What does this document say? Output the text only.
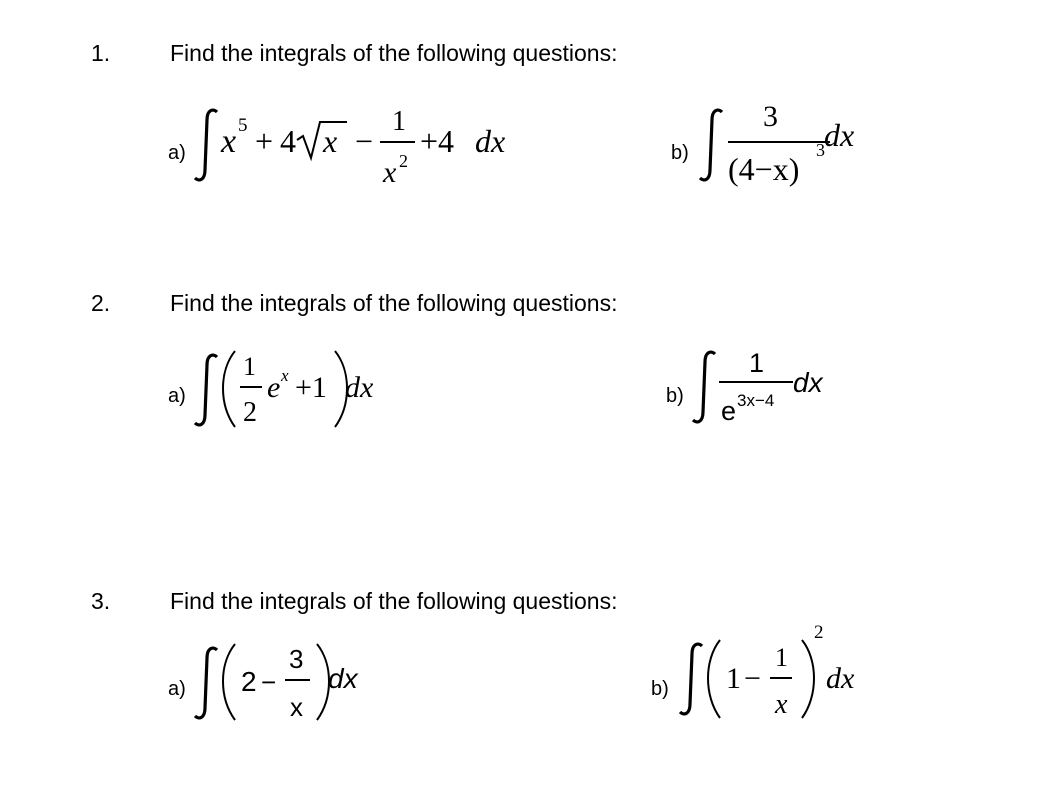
1.	Find the integrals of the following questions:
a) x 5 + 4 x −
1
x 2
+4 dx	b)
3
(4−x)
3 dx
2.	Find the integrals of the following questions:
a)
1
2
e x +1 dx	b)
1
e 3x−4
dx
3.	Find the integrals of the following questions:
a) 2 −
3
x
dx	b) 1 −
1
x
2
dx
